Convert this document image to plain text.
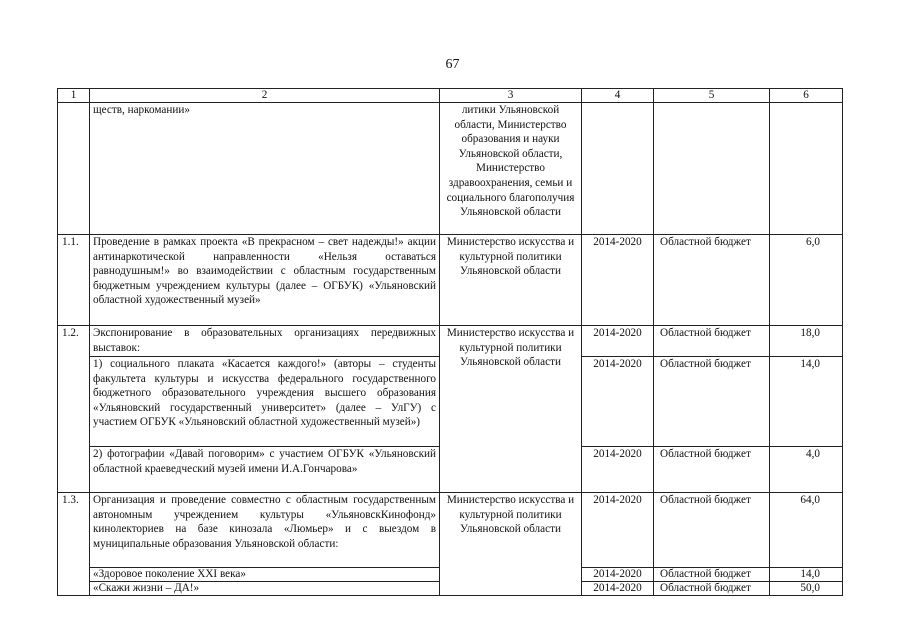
67
1	2	3	4	5	6
	ществ, наркомании»	литики Ульяновской области, Министерство образования и науки Ульяновской области, Министерство здравоохранения, семьи и социального благополучия Ульяновской области			
1.1.	Проведение в рамках проекта «В прекрасном – свет надежды!» акции антинаркотической направленности «Нельзя оставаться равнодушным!» во взаимодействии с областным государственным бюджетным учреждением культуры (далее – ОГБУК) «Ульяновский областной художественный музей»	Министерство искусства и культурной политики Ульяновской области	2014-2020	Областной бюджет	6,0
1.2.	Экспонирование в образовательных организациях передвижных выставок:	Министерство искусства и культурной политики Ульяновской области	2014-2020	Областной бюджет	18,0
	1) социального плаката «Касается каждого!» (авторы – студенты факультета культуры и искусства федерального государственного бюджетного образовательного учреждения высшего образования «Ульяновский государственный университет» (далее – УлГУ) с участием ОГБУК «Ульяновский областной художественный музей»)		2014-2020	Областной бюджет	14,0
	2) фотографии «Давай поговорим» с участием ОГБУК «Ульяновский областной краеведческий музей имени И.А.Гончарова»		2014-2020	Областной бюджет	4,0
1.3.	Организация и проведение совместно с областным государственным автономным учреждением культуры «УльяновскКинофонд» кинолекториев на базе кинозала «Люмьер» и с выездом в муниципальные образования Ульяновской области:	Министерство искусства и культурной политики Ульяновской области	2014-2020	Областной бюджет	64,0
	«Здоровое поколение XXI века»		2014-2020	Областной бюджет	14,0
	«Скажи жизни – ДА!»		2014-2020	Областной бюджет	50,0
